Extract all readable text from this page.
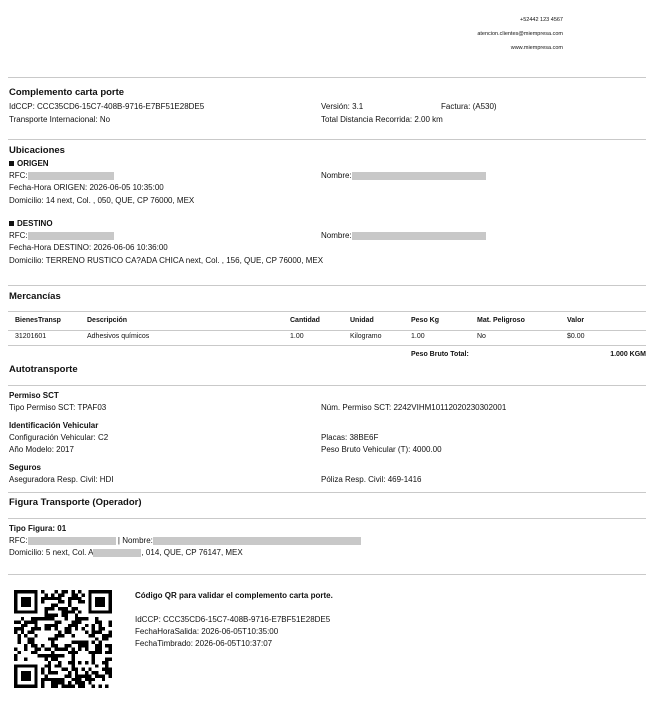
+52442 123 4567
atencion.clientes@miempresa.com
www.miempresa.com
Complemento carta porte
IdCCP: CCC35CD6-15C7-408B-9716-E7BF51E28DE5	Versión: 3.1	Factura: (A530)
Transporte Internacional: No	Total Distancia Recorrida: 2.00 km
Ubicaciones
ORIGEN
RFC:	Nombre:
Fecha-Hora ORIGEN: 2026-06-05 10:35:00
Domicilio: 14 next, Col. , 050, QUE, CP 76000, MEX
DESTINO
RFC:	Nombre:
Fecha-Hora DESTINO: 2026-06-06 10:36:00
Domicilio: TERRENO RUSTICO CA?ADA CHICA next, Col. , 156, QUE, CP 76000, MEX
Mercancías
BienesTransp	Descripción	Cantidad	Unidad	Peso Kg	Mat. Peligroso	Valor
31201601	Adhesivos químicos	1.00	Kilogramo	1.00	No	$0.00
Peso Bruto Total:	1.000 KGM
Autotransporte
Permiso SCT
Tipo Permiso SCT: TPAF03	Núm. Permiso SCT: 2242VIHM10112020230302001
Identificación Vehicular
Configuración Vehicular: C2	Placas: 38BE6F
Año Modelo: 2017	Peso Bruto Vehicular (T): 4000.00
Seguros
Aseguradora Resp. Civil: HDI	Póliza Resp. Civil: 469-1416
Figura Transporte (Operador)
Tipo Figura: 01
RFC:	| Nombre:
Domicilio: 5 next, Col. A	, 014, QUE, CP 76147, MEX
Código QR para validar el complemento carta porte.
IdCCP: CCC35CD6-15C7-408B-9716-E7BF51E28DE5
FechaHoraSalida: 2026-06-05T10:35:00
FechaTimbrado: 2026-06-05T10:37:07
